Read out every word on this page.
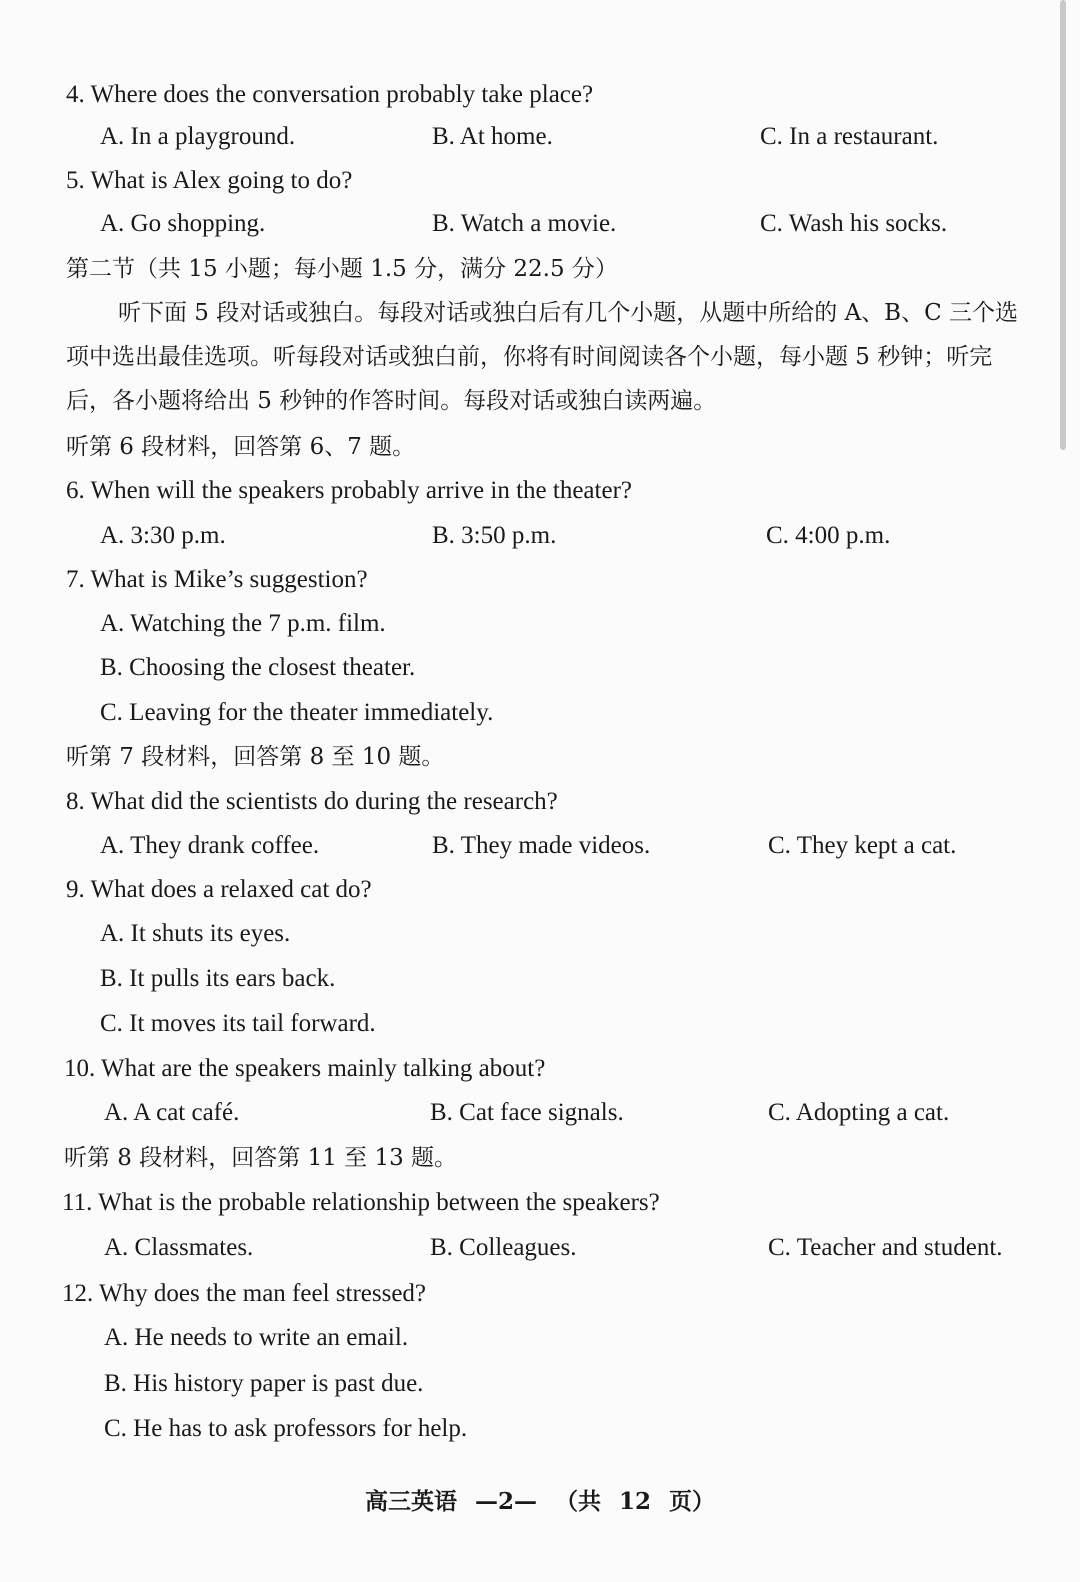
4. Where does the conversation probably take place?
A. In a playground.	B. At home.	C. In a restaurant.
5. What is Alex going to do?
A. Go shopping.	B. Watch a movie.	C. Wash his socks.
第二节（共 15 小题；每小题 1.5 分，满分 22.5 分）
听下面 5 段对话或独白。每段对话或独白后有几个小题，从题中所给的 A、B、C 三个选项中选出最佳选项。听每段对话或独白前，你将有时间阅读各个小题，每小题 5 秒钟；听完后，各小题将给出 5 秒钟的作答时间。每段对话或独白读两遍。
听第 6 段材料，回答第 6、7 题。
6. When will the speakers probably arrive in the theater?
A. 3:30 p.m.	B. 3:50 p.m.	C. 4:00 p.m.
7. What is Mike’s suggestion?
A. Watching the 7 p.m. film.
B. Choosing the closest theater.
C. Leaving for the theater immediately.
听第 7 段材料，回答第 8 至 10 题。
8. What did the scientists do during the research?
A. They drank coffee.	B. They made videos.	C. They kept a cat.
9. What does a relaxed cat do?
A. It shuts its eyes.
B. It pulls its ears back.
C. It moves its tail forward.
10. What are the speakers mainly talking about?
A. A cat café.	B. Cat face signals.	C. Adopting a cat.
听第 8 段材料，回答第 11 至 13 题。
11. What is the probable relationship between the speakers?
A. Classmates.	B. Colleagues.	C. Teacher and student.
12. Why does the man feel stressed?
A. He needs to write an email.
B. His history paper is past due.
C. He has to ask professors for help.
高三英语 —2— （共 12 页）
